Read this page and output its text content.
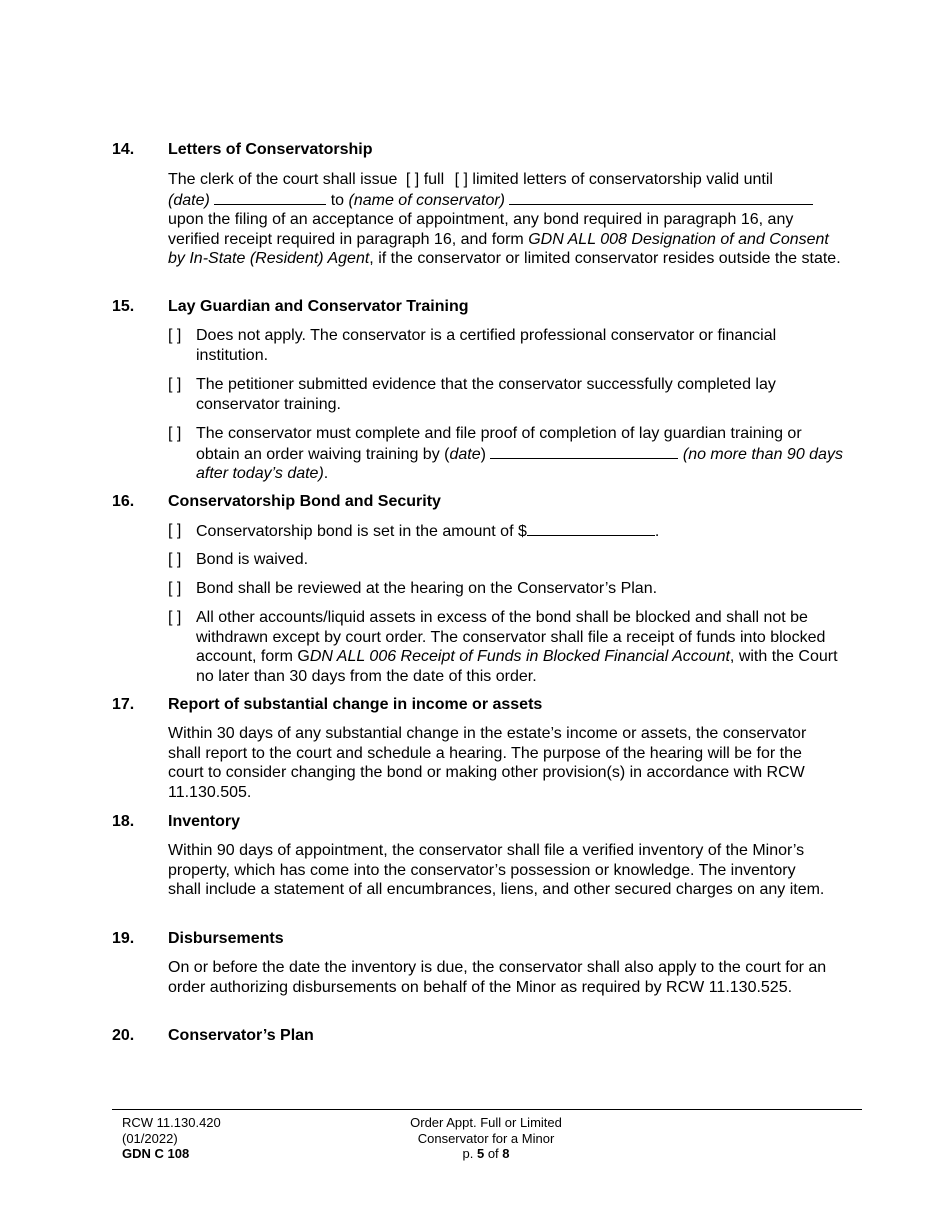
14. Letters of Conservatorship
The clerk of the court shall issue [ ] full [ ] limited letters of conservatorship valid until
(date)	to (name of conservator)
upon the filing of an acceptance of appointment, any bond required in paragraph 16, any verified receipt required in paragraph 16, and form GDN ALL 008 Designation of and Consent by In-State (Resident) Agent, if the conservator or limited conservator resides outside the state.
15. Lay Guardian and Conservator Training
[ ] Does not apply. The conservator is a certified professional conservator or financial institution.
[ ] The petitioner submitted evidence that the conservator successfully completed lay conservator training.
[ ] The conservator must complete and file proof of completion of lay guardian training or obtain an order waiving training by (date)	(no more than 90 days after today’s date).
16. Conservatorship Bond and Security
[ ] Conservatorship bond is set in the amount of $	.
[ ] Bond is waived.
[ ] Bond shall be reviewed at the hearing on the Conservator’s Plan.
[ ] All other accounts/liquid assets in excess of the bond shall be blocked and shall not be withdrawn except by court order. The conservator shall file a receipt of funds into blocked account, form GDN ALL 006 Receipt of Funds in Blocked Financial Account, with the Court no later than 30 days from the date of this order.
17. Report of substantial change in income or assets
Within 30 days of any substantial change in the estate’s income or assets, the conservator shall report to the court and schedule a hearing. The purpose of the hearing will be for the court to consider changing the bond or making other provision(s) in accordance with RCW 11.130.505.
18. Inventory
Within 90 days of appointment, the conservator shall file a verified inventory of the Minor’s property, which has come into the conservator’s possession or knowledge. The inventory shall include a statement of all encumbrances, liens, and other secured charges on any item.
19. Disbursements
On or before the date the inventory is due, the conservator shall also apply to the court for an order authorizing disbursements on behalf of the Minor as required by RCW 11.130.525.
20. Conservator’s Plan
RCW 11.130.420
(01/2022)
GDN C 108
Order Appt. Full or Limited
Conservator for a Minor
p. 5 of 8
